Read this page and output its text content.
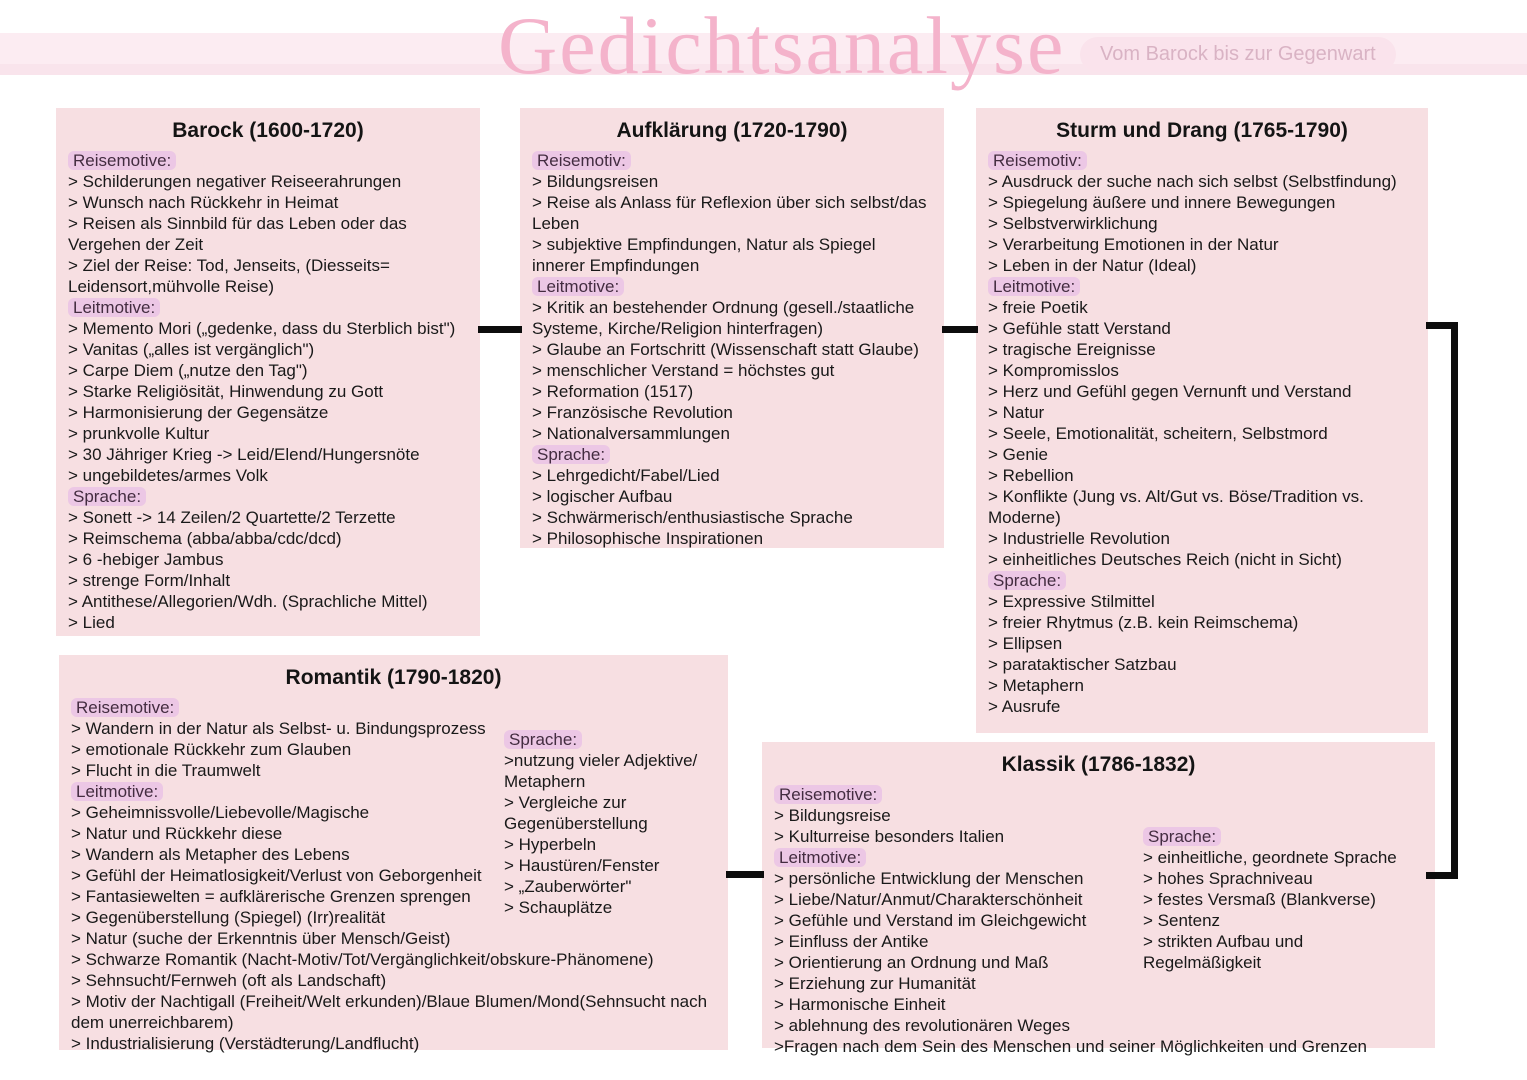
Gedichtsanalyse	Vom Barock bis zur Gegenwart
Barock (1600-1720)
Reisemotive:
> Schilderungen negativer Reiseerahrungen
> Wunsch nach Rückkehr in Heimat
> Reisen als Sinnbild für das Leben oder das Vergehen der Zeit
> Ziel der Reise: Tod, Jenseits, (Diesseits= Leidensort,mühvolle Reise)
Leitmotive:
> Memento Mori („gedenke, dass du Sterblich bist")
> Vanitas („alles ist vergänglich")
> Carpe Diem („nutze den Tag")
> Starke Religiösität, Hinwendung zu Gott
> Harmonisierung der Gegensätze
> prunkvolle Kultur
> 30 Jähriger Krieg -> Leid/Elend/Hungersnöte
> ungebildetes/armes Volk
Sprache:
> Sonett -> 14 Zeilen/2 Quartette/2 Terzette
> Reimschema (abba/abba/cdc/dcd)
> 6 -hebiger Jambus
> strenge Form/Inhalt
> Antithese/Allegorien/Wdh. (Sprachliche Mittel)
> Lied
Aufklärung (1720-1790)
Reisemotiv:
> Bildungsreisen
> Reise als Anlass für Reflexion über sich selbst/das Leben
> subjektive Empfindungen, Natur als Spiegel innerer Empfindungen
Leitmotive:
> Kritik an bestehender Ordnung (gesell./staatliche Systeme, Kirche/Religion hinterfragen)
> Glaube an Fortschritt (Wissenschaft statt Glaube)
> menschlicher Verstand = höchstes gut
> Reformation (1517)
> Französische Revolution
> Nationalversammlungen
Sprache:
> Lehrgedicht/Fabel/Lied
> logischer Aufbau
> Schwärmerisch/enthusiastische Sprache
> Philosophische Inspirationen
Sturm und Drang (1765-1790)
Reisemotiv:
> Ausdruck der suche nach sich selbst (Selbstfindung)
> Spiegelung äußere und innere Bewegungen
> Selbstverwirklichung
> Verarbeitung Emotionen in der Natur
> Leben in der Natur (Ideal)
Leitmotive:
> freie Poetik
> Gefühle statt Verstand
> tragische Ereignisse
> Kompromisslos
> Herz und Gefühl gegen Vernunft und Verstand
> Natur
> Seele, Emotionalität, scheitern, Selbstmord
> Genie
> Rebellion
> Konflikte (Jung vs. Alt/Gut vs. Böse/Tradition vs. Moderne)
> Industrielle Revolution
> einheitliches Deutsches Reich (nicht in Sicht)
Sprache:
> Expressive Stilmittel
> freier Rhytmus (z.B. kein Reimschema)
> Ellipsen
> parataktischer Satzbau
> Metaphern
> Ausrufe
Romantik (1790-1820)
Sprache:
>nutzung vieler Adjektive/ Metaphern
> Vergleiche zur Gegenüberstellung
> Hyperbeln
> Haustüren/Fenster
> „Zauberwörter"
> Schauplätze
Reisemotive:
> Wandern in der Natur als Selbst- u. Bindungsprozess
> emotionale Rückkehr zum Glauben
> Flucht in die Traumwelt
Leitmotive:
> Geheimnissvolle/Liebevolle/Magische
> Natur und Rückkehr diese
> Wandern als Metapher des Lebens
> Gefühl der Heimatlosigkeit/Verlust von Geborgenheit
> Fantasiewelten = aufklärerische Grenzen sprengen
> Gegenüberstellung (Spiegel) (Irr)realität
> Natur (suche der Erkenntnis über Mensch/Geist)
> Schwarze Romantik (Nacht-Motiv/Tot/Vergänglichkeit/obskure-Phänomene)
> Sehnsucht/Fernweh (oft als Landschaft)
> Motiv der Nachtigall (Freiheit/Welt erkunden)/Blaue Blumen/Mond(Sehnsucht nach dem unerreichbarem)
> Industrialisierung (Verstädterung/Landflucht)
Klassik (1786-1832)
Sprache:
> einheitliche, geordnete Sprache
> hohes Sprachniveau
> festes Versmaß (Blankverse)
> Sentenz
> strikten Aufbau und Regelmäßigkeit
Reisemotive:
> Bildungsreise
> Kulturreise besonders Italien
Leitmotive:
> persönliche Entwicklung der Menschen
> Liebe/Natur/Anmut/Charakterschönheit
> Gefühle und Verstand im Gleichgewicht
> Einfluss der Antike
> Orientierung an Ordnung und Maß
> Erziehung zur Humanität
> Harmonische Einheit
> ablehnung des revolutionären Weges
>Fragen nach dem Sein des Menschen und seiner Möglichkeiten und Grenzen
